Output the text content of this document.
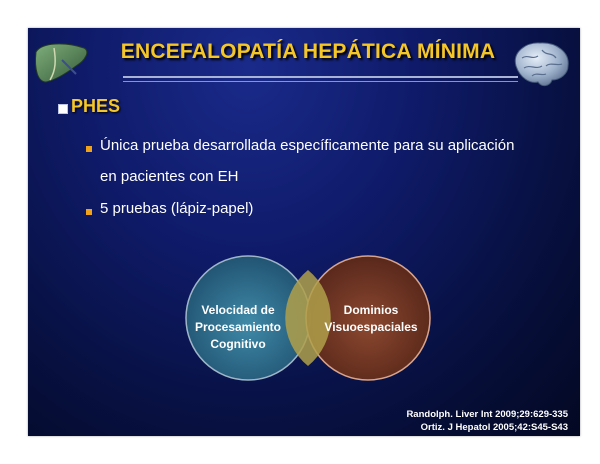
ENCEFALOPATÍA HEPÁTICA MÍNIMA
PHES
Única prueba desarrollada específicamente para su aplicación
en pacientes con EH
5 pruebas (lápiz-papel)
Velocidad de
Procesamiento
Cognitivo
Dominios
Visuoespaciales
Randolph. Liver Int 2009;29:629-335
Ortiz. J Hepatol 2005;42:S45-S43
